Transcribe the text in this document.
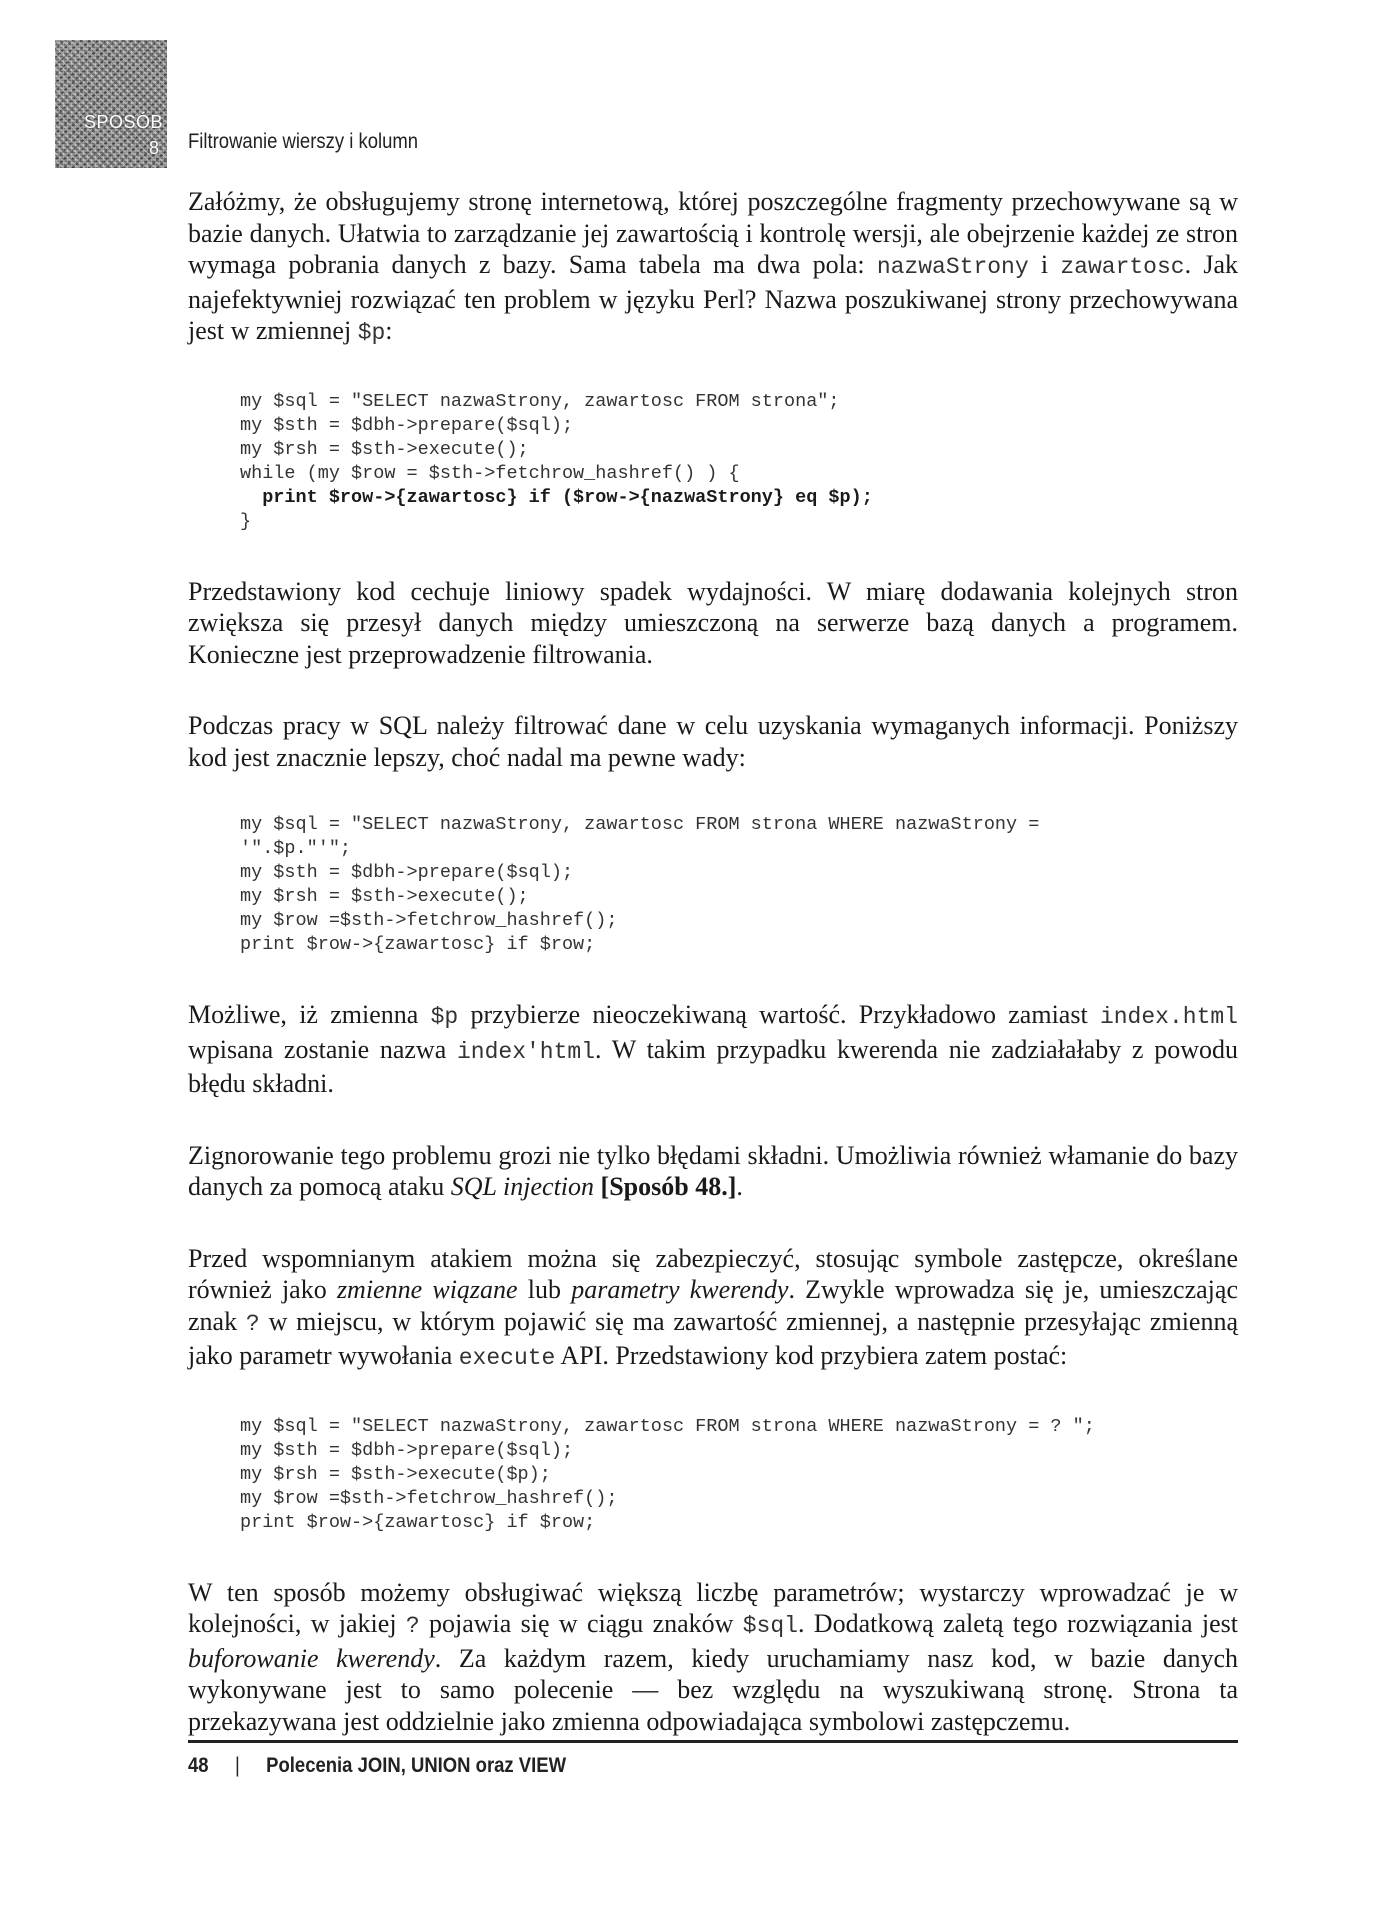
SPOSÓB
8 Filtrowanie wierszy i kolumn

Załóżmy, że obsługujemy stronę internetową, której poszczególne fragmenty przechowywane są w bazie danych. Ułatwia to zarządzanie jej zawartością i kontrolę wersji, ale obejrzenie każdej ze stron wymaga pobrania danych z bazy. Sama tabela ma dwa pola: nazwaStrony i zawartosc. Jak najefektywniej rozwiązać ten problem w języku Perl? Nazwa poszukiwanej strony przechowywana jest w zmiennej $p:

my $sql = "SELECT nazwaStrony, zawartosc FROM strona";
my $sth = $dbh->prepare($sql);
my $rsh = $sth->execute();
while (my $row = $sth->fetchrow_hashref() ) {
print $row->{zawartosc} if ($row->{nazwaStrony} eq $p);
}

Przedstawiony kod cechuje liniowy spadek wydajności. W miarę dodawania kolejnych stron zwiększa się przesył danych między umieszczoną na serwerze bazą danych a programem. Konieczne jest przeprowadzenie filtrowania.

Podczas pracy w SQL należy filtrować dane w celu uzyskania wymaganych informacji. Poniższy kod jest znacznie lepszy, choć nadal ma pewne wady:

my $sql = "SELECT nazwaStrony, zawartosc FROM strona WHERE nazwaStrony =
'".$p."'";
my $sth = $dbh->prepare($sql);
my $rsh = $sth->execute();
my $row =$sth->fetchrow_hashref();
print $row->{zawartosc} if $row;

Możliwe, iż zmienna $p przybierze nieoczekiwaną wartość. Przykładowo zamiast index.html wpisana zostanie nazwa index'html. W takim przypadku kwerenda nie zadziałałaby z powodu błędu składni.

Zignorowanie tego problemu grozi nie tylko błędami składni. Umożliwia również włamanie do bazy danych za pomocą ataku SQL injection [Sposób 48.].

Przed wspomnianym atakiem można się zabezpieczyć, stosując symbole zastępcze, określane również jako zmienne wiązane lub parametry kwerendy. Zwykle wprowadza się je, umieszczając znak ? w miejscu, w którym pojawić się ma zawartość zmiennej, a następnie przesyłając zmienną jako parametr wywołania execute API. Przedstawiony kod przybiera zatem postać:

my $sql = "SELECT nazwaStrony, zawartosc FROM strona WHERE nazwaStrony = ? ";
my $sth = $dbh->prepare($sql);
my $rsh = $sth->execute($p);
my $row =$sth->fetchrow_hashref();
print $row->{zawartosc} if $row;

W ten sposób możemy obsługiwać większą liczbę parametrów; wystarczy wprowadzać je w kolejności, w jakiej ? pojawia się w ciągu znaków $sql. Dodatkową zaletą tego rozwiązania jest buforowanie kwerendy. Za każdym razem, kiedy uruchamiamy nasz kod, w bazie danych wykonywane jest to samo polecenie — bez względu na wyszukiwaną stronę. Strona ta przekazywana jest oddzielnie jako zmienna odpowiadająca symbolowi zastępczemu.

48 | Polecenia JOIN, UNION oraz VIEW
